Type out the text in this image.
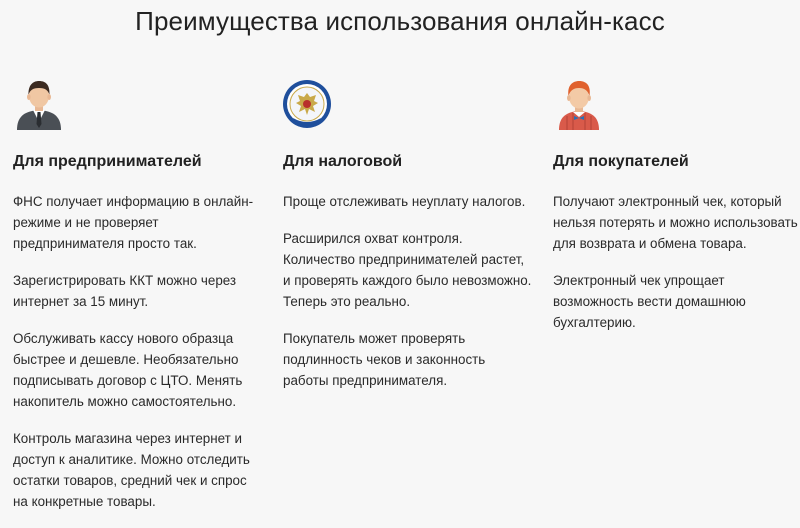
Преимущества использования онлайн-касс
Для предпринимателей

ФНС получает информацию в онлайн-режиме и не проверяет предпринимателя просто так.

Зарегистрировать ККТ можно через интернет за 15 минут.

Обслуживать кассу нового образца быстрее и дешевле. Необязательно подписывать договор с ЦТО. Менять накопитель можно самостоятельно.

Контроль магазина через интернет и доступ к аналитике. Можно отследить остатки товаров, средний чек и спрос на конкретные товары.

Для налоговой

Проще отслеживать неуплату налогов.

Расширился охват контроля. Количество предпринимателей растет, и проверять каждого было невозможно. Теперь это реально.

Покупатель может проверять подлинность чеков и законность работы предпринимателя.

Для покупателей

Получают электронный чек, который нельзя потерять и можно использовать для возврата и обмена товара.

Электронный чек упрощает возможность вести домашнюю бухгалтерию.
